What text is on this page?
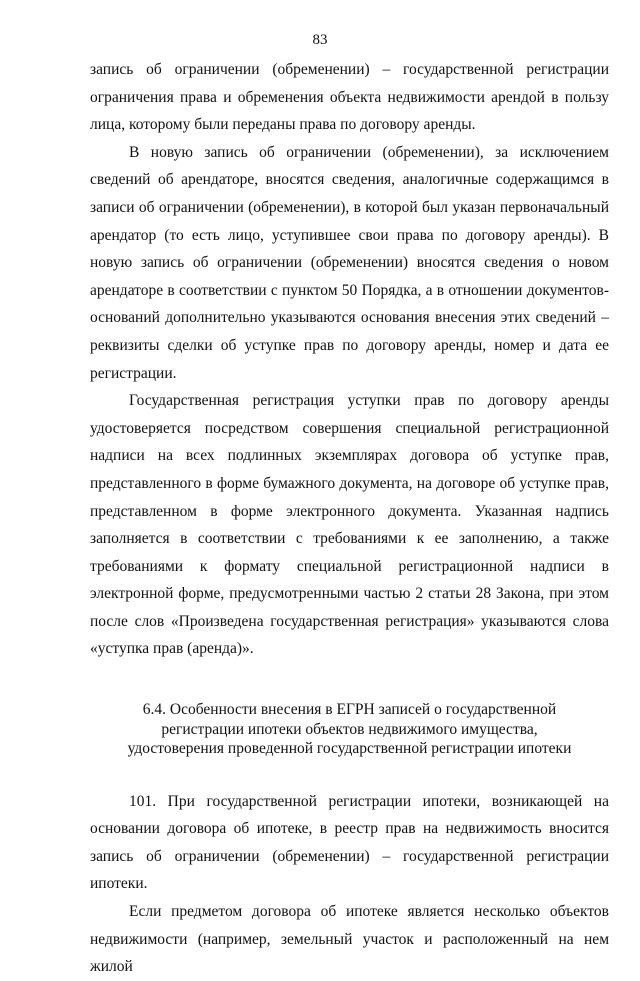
83

запись об ограничении (обременении) – государственной регистрации ограничения права и обременения объекта недвижимости арендой в пользу лица, которому были переданы права по договору аренды.

В новую запись об ограничении (обременении), за исключением сведений об арендаторе, вносятся сведения, аналогичные содержащимся в записи об ограничении (обременении), в которой был указан первоначальный арендатор (то есть лицо, уступившее свои права по договору аренды). В новую запись об ограничении (обременении) вносятся сведения о новом арендаторе в соответствии с пунктом 50 Порядка, а в отношении документов-оснований дополнительно указываются основания внесения этих сведений – реквизиты сделки об уступке прав по договору аренды, номер и дата ее регистрации.

Государственная регистрация уступки прав по договору аренды удостоверяется посредством совершения специальной регистрационной надписи на всех подлинных экземплярах договора об уступке прав, представленного в форме бумажного документа, на договоре об уступке прав, представленном в форме электронного документа. Указанная надпись заполняется в соответствии с требованиями к ее заполнению, а также требованиями к формату специальной регистрационной надписи в электронной форме, предусмотренными частью 2 статьи 28 Закона, при этом после слов «Произведена государственная регистрация» указываются слова «уступка прав (аренда)».

6.4. Особенности внесения в ЕГРН записей о государственной
регистрации ипотеки объектов недвижимого имущества,
удостоверения проведенной государственной регистрации ипотеки

101. При государственной регистрации ипотеки, возникающей на основании договора об ипотеке, в реестр прав на недвижимость вносится запись об ограничении (обременении) – государственной регистрации ипотеки.

Если предметом договора об ипотеке является несколько объектов недвижимости (например, земельный участок и расположенный на нем жилой
